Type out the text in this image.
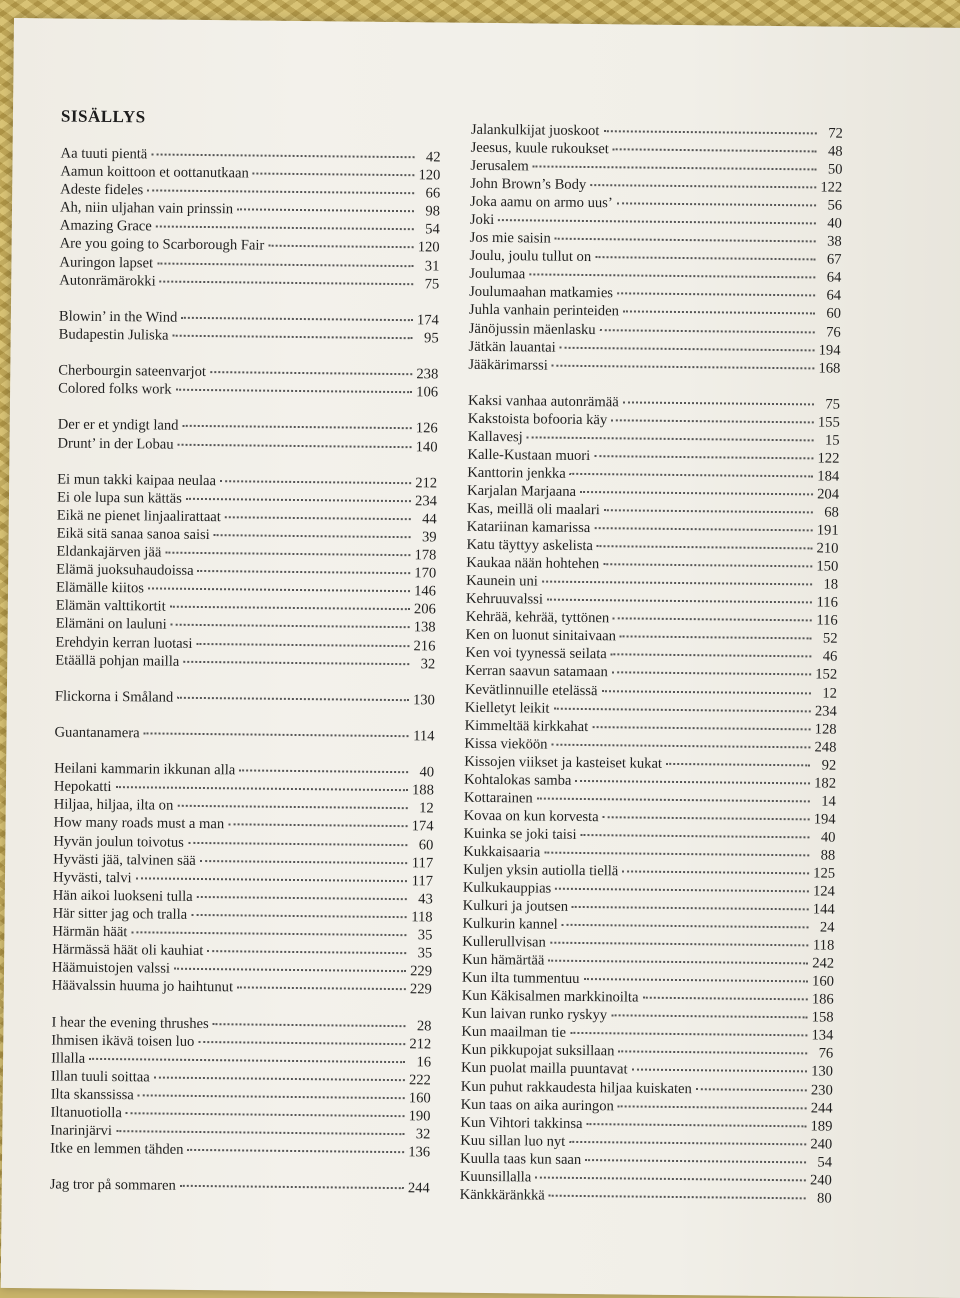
SISÄLLYS
Aa tuuti pientä	42
Aamun koittoon et oottanutkaan	120
Adeste fideles	66
Ah, niin uljahan vain prinssin	98
Amazing Grace	54
Are you going to Scarborough Fair	120
Auringon lapset	31
Autonrämärokki	75
Blowin’ in the Wind	174
Budapestin Juliska	95
Cherbourgin sateenvarjot	238
Colored folks work	106
Der er et yndigt land	126
Drunt’ in der Lobau	140
Ei mun takki kaipaa neulaa	212
Ei ole lupa sun kättäs	234
Eikä ne pienet linjaalirattaat	44
Eikä sitä sanaa sanoa saisi	39
Eldankajärven jää	178
Elämä juoksuhaudoissa	170
Elämälle kiitos	146
Elämän valttikortit	206
Elämäni on lauluni	138
Erehdyin kerran luotasi	216
Etäällä pohjan mailla	32
Flickorna i Småland	130
Guantanamera	114
Heilani kammarin ikkunan alla	40
Hepokatti	188
Hiljaa, hiljaa, ilta on	12
How many roads must a man	174
Hyvän joulun toivotus	60
Hyvästi jää, talvinen sää	117
Hyvästi, talvi	117
Hän aikoi luokseni tulla	43
Här sitter jag och tralla	118
Härmän häät	35
Härmässä häät oli kauhiat	35
Häämuistojen valssi	229
Häävalssin huuma jo haihtunut	229
I hear the evening thrushes	28
Ihmisen ikävä toisen luo	212
Illalla	16
Illan tuuli soittaa	222
Ilta skanssissa	160
Iltanuotiolla	190
Inarinjärvi	32
Itke en lemmen tähden	136
Jag tror på sommaren	244
Jalankulkijat juoskoot	72
Jeesus, kuule rukoukset	48
Jerusalem	50
John Brown’s Body	122
Joka aamu on armo uus’	56
Joki	40
Jos mie saisin	38
Joulu, joulu tullut on	67
Joulumaa	64
Joulumaahan matkamies	64
Juhla vanhain perinteiden	60
Jänöjussin mäenlasku	76
Jätkän lauantai	194
Jääkärimarssi	168
Kaksi vanhaa autonrämää	75
Kakstoista bofooria käy	155
Kallavesj	15
Kalle-Kustaan muori	122
Kanttorin jenkka	184
Karjalan Marjaana	204
Kas, meillä oli maalari	68
Katariinan kamarissa	191
Katu täyttyy askelista	210
Kaukaa nään hohtehen	150
Kaunein uni	18
Kehruuvalssi	116
Kehrää, kehrää, tyttönen	116
Ken on luonut sinitaivaan	52
Ken voi tyynessä seilata	46
Kerran saavun satamaan	152
Kevätlinnuille etelässä	12
Kielletyt leikit	234
Kimmeltää kirkkahat	128
Kissa vieköön	248
Kissojen viikset ja kasteiset kukat	92
Kohtalokas samba	182
Kottarainen	14
Kovaa on kun korvesta	194
Kuinka se joki taisi	40
Kukkaisaaria	88
Kuljen yksin autiolla tiellä	125
Kulkukauppias	124
Kulkuri ja joutsen	144
Kulkurin kannel	24
Kullerullvisan	118
Kun hämärtää	242
Kun ilta tummentuu	160
Kun Käkisalmen markkinoilta	186
Kun laivan runko ryskyy	158
Kun maailman tie	134
Kun pikkupojat suksillaan	76
Kun puolat mailla puuntavat	130
Kun puhut rakkaudesta hiljaa kuiskaten	230
Kun taas on aika auringon	244
Kun Vihtori takkinsa	189
Kuu sillan luo nyt	240
Kuulla taas kun saan	54
Kuunsillalla	240
Känkkäränkkä	80
